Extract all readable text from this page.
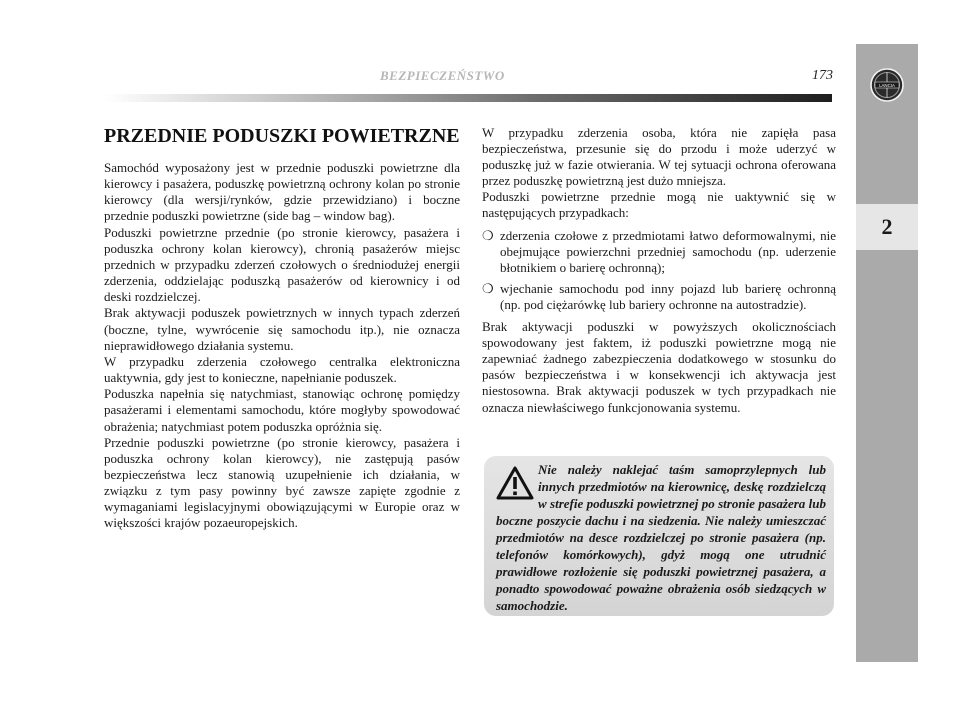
BEZPIECZEŃSTWO	173
LANCIA
2
PRZEDNIE PODUSZKI POWIETRZNE

Samochód wyposażony jest w przednie poduszki powietrzne dla kierowcy i pasażera, poduszkę powietrzną ochrony kolan po stronie kierowcy (dla wersji/rynków, gdzie przewidziano) i boczne przednie poduszki powietrzne (side bag – window bag).

Poduszki powietrzne przednie (po stronie kierowcy, pasażera i poduszka ochrony kolan kierowcy), chronią pasażerów miejsc przednich w przypadku zderzeń czołowych o średniodużej energii zderzenia, oddzielając poduszką pasażerów od kierownicy i od deski rozdzielczej.

Brak aktywacji poduszek powietrznych w innych typach zderzeń (boczne, tylne, wywrócenie się samochodu itp.), nie oznacza nieprawidłowego działania systemu.

W przypadku zderzenia czołowego centralka elektroniczna uaktywnia, gdy jest to konieczne, napełnianie poduszek.

Poduszka napełnia się natychmiast, stanowiąc ochronę pomiędzy pasażerami i elementami samochodu, które mogłyby spowodować obrażenia; natychmiast potem poduszka opróżnia się.

Przednie poduszki powietrzne (po stronie kierowcy, pasażera i poduszka ochrony kolan kierowcy), nie zastępują pasów bezpieczeństwa lecz stanowią uzupełnienie ich działania, w związku z tym pasy powinny być zawsze zapięte zgodnie z wymaganiami legislacyjnymi obowiązującymi w Europie oraz w większości krajów pozaeuropejskich.

W przypadku zderzenia osoba, która nie zapięła pasa bezpieczeństwa, przesunie się do przodu i może uderzyć w poduszkę już w fazie otwierania. W tej sytuacji ochrona oferowana przez poduszkę powietrzną jest dużo mniejsza.

Poduszki powietrzne przednie mogą nie uaktywnić się w następujących przypadkach:

❍ zderzenia czołowe z przedmiotami łatwo deformowalnymi, nie obejmujące powierzchni przedniej samochodu (np. uderzenie błotnikiem o barierę ochronną);
❍ wjechanie samochodu pod inny pojazd lub barierę ochronną (np. pod ciężarówkę lub bariery ochronne na autostradzie).

Brak aktywacji poduszki w powyższych okolicznościach spowodowany jest faktem, iż poduszki powietrzne mogą nie zapewniać żadnego zabezpieczenia dodatkowego w stosunku do pasów bezpieczeństwa i w konsekwencji ich aktywacja jest niestosowna. Brak aktywacji poduszek w tych przypadkach nie oznacza niewłaściwego funkcjonowania systemu.

Nie należy naklejać taśm samoprzylepnych lub innych przedmiotów na kierownicę, deskę rozdzielczą w strefie poduszki powietrznej po stronie pasażera lub boczne poszycie dachu i na siedzenia. Nie należy umieszczać przedmiotów na desce rozdzielczej po stronie pasażera (np. telefonów komórkowych), gdyż mogą one utrudnić prawidłowe rozłożenie się poduszki powietrznej pasażera, a ponadto spowodować poważne obrażenia osób siedzących w samochodzie.
